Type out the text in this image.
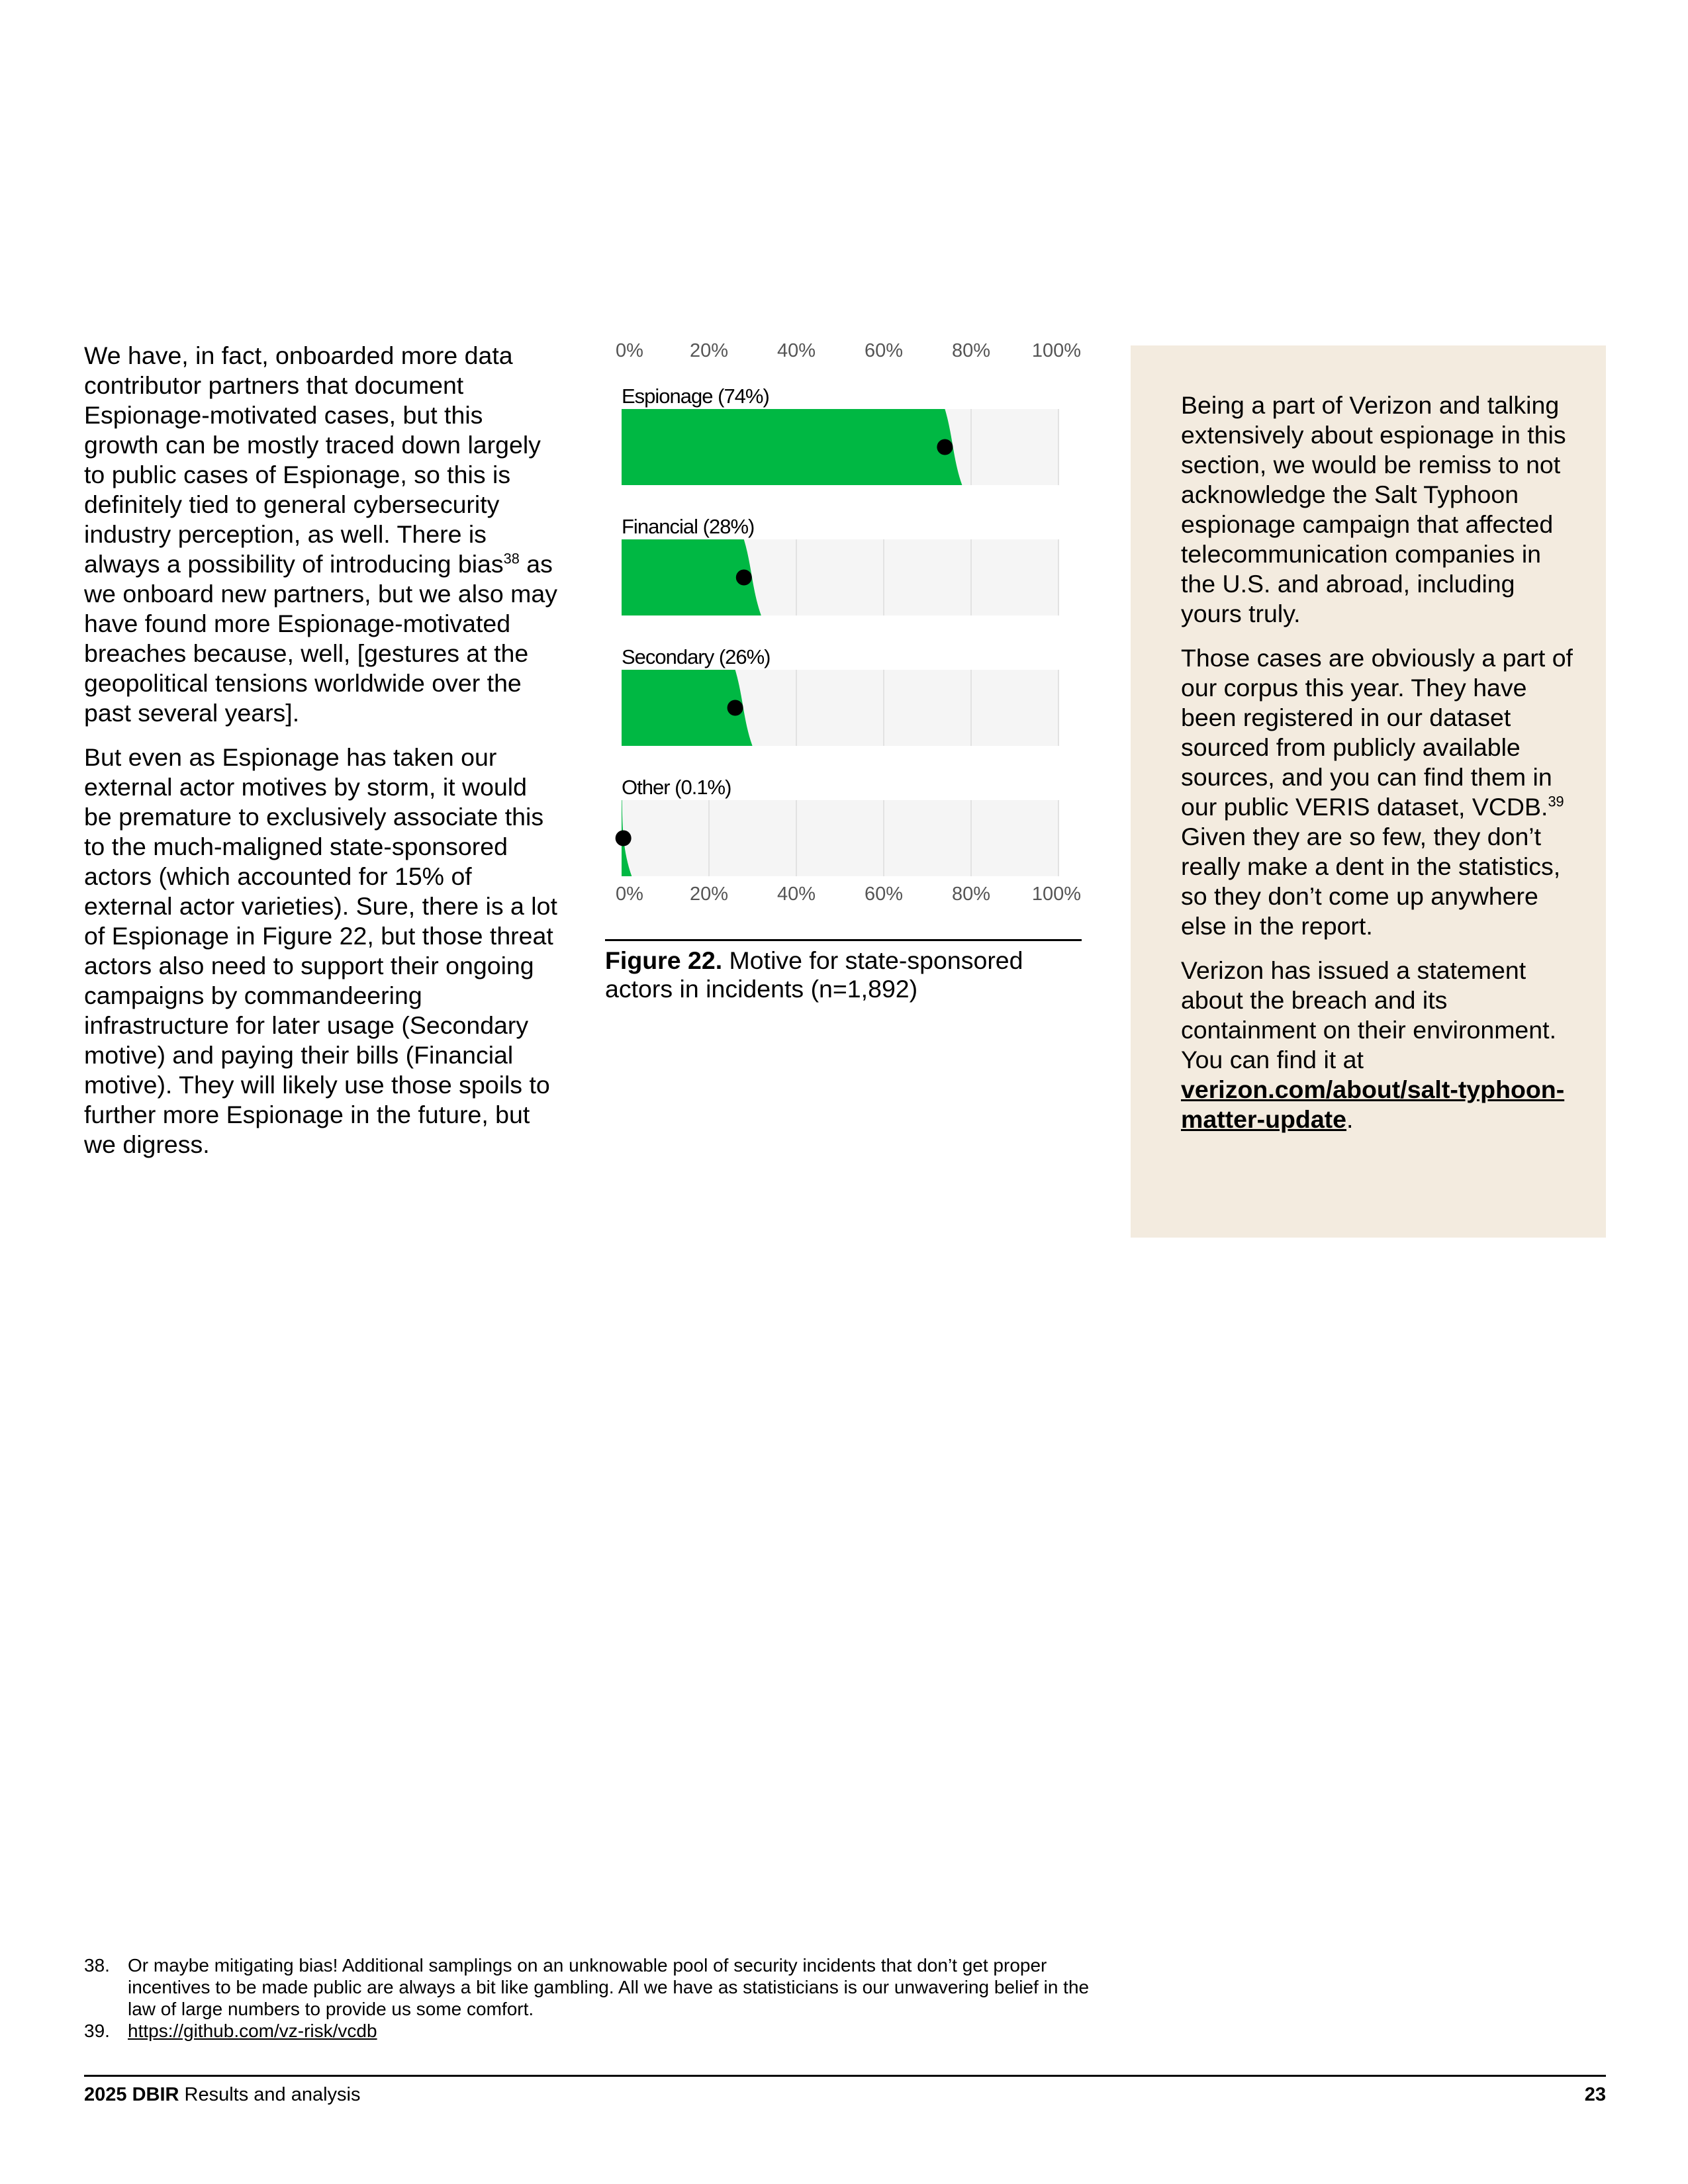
We have, in fact, onboarded more data contributor partners that document Espionage-motivated cases, but this growth can be mostly traced down largely to public cases of Espionage, so this is definitely tied to general cybersecurity industry perception, as well. There is always a possibility of introducing bias$^{38}$ as we onboard new partners, but we also may have found more Espionage-motivated breaches because, well, [gestures at the geopolitical tensions worldwide over the past several years].

But even as Espionage has taken our external actor motives by storm, it would be premature to exclusively associate this to the much-maligned state-sponsored actors (which accounted for 15% of external actor varieties). Sure, there is a lot of Espionage in Figure 22, but those threat actors also need to support their ongoing campaigns by commandeering infrastructure for later usage (Secondary motive) and paying their bills (Financial motive). They will likely use those spoils to further more Espionage in the future, but we digress.

0%
0%
20%
20%
40%
40%
60%
60%
80%
80%
100%
100%
Espionage (74%)
Financial (28%)
Secondary (26%)
Other (0.1%)
Figure 22. Motive for state-sponsored actors in incidents (n=1,892)

Being a part of Verizon and talking extensively about espionage in this section, we would be remiss to not acknowledge the Salt Typhoon espionage campaign that affected telecommunication companies in the U.S. and abroad, including yours truly.

Those cases are obviously a part of our corpus this year. They have been registered in our dataset sourced from publicly available sources, and you can find them in our public VERIS dataset, VCDB.$^{39}$ Given they are so few, they don’t really make a dent in the statistics, so they don’t come up anywhere else in the report.

Verizon has issued a statement about the breach and its containment on their environment. You can find it at verizon.com/about/salt-typhoon-matter-update.

38. Or maybe mitigating bias! Additional samplings on an unknowable pool of security incidents that don’t get proper incentives to be made public are always a bit like gambling. All we have as statisticians is our unwavering belief in the law of large numbers to provide us some comfort.
39. https://github.com/vz-risk/vcdb
2025 DBIR Results and analysis	23
